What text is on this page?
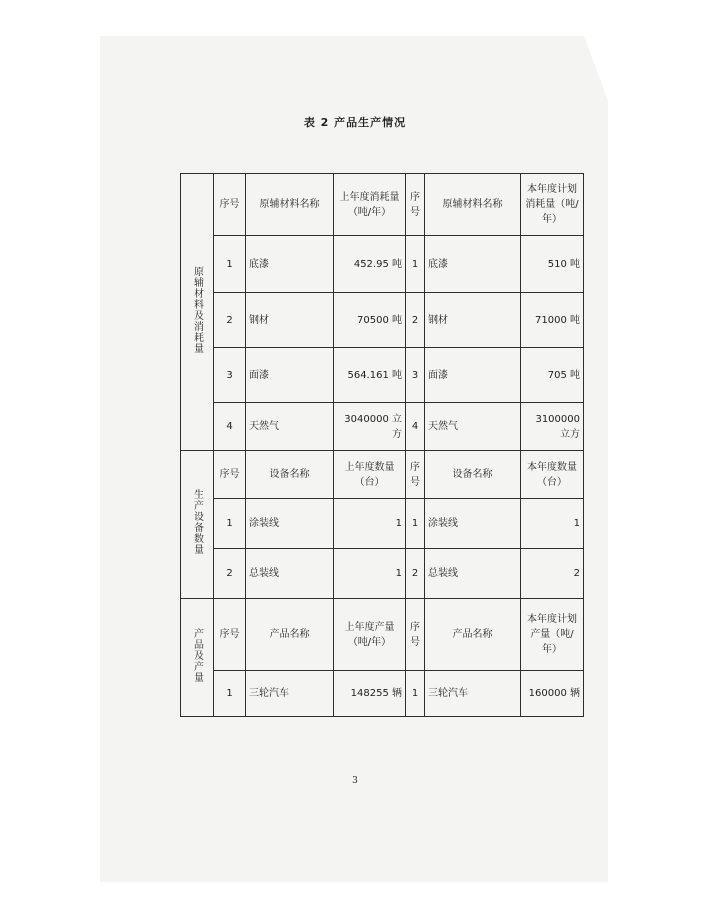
表 2 产品生产情况
原辅材料及消耗量	序号	原辅材料名称	上年度消耗量（吨/年）	序号	原辅材料名称	本年度计划消耗量（吨/年）
	1	底漆	452.95 吨	1	底漆	510 吨
	2	钢材	70500 吨	2	钢材	71000 吨
	3	面漆	564.161 吨	3	面漆	705 吨
	4	天然气	3040000 立方	4	天然气	3100000 立方
生产设备数量	序号	设备名称	上年度数量（台）	序号	设备名称	本年度数量（台）
	1	涂装线	1	1	涂装线	1
	2	总装线	1	2	总装线	2
产品及产量	序号	产品名称	上年度产量（吨/年）	序号	产品名称	本年度计划产量（吨/年）
	1	三轮汽车	148255 辆	1	三轮汽车	160000 辆
3
